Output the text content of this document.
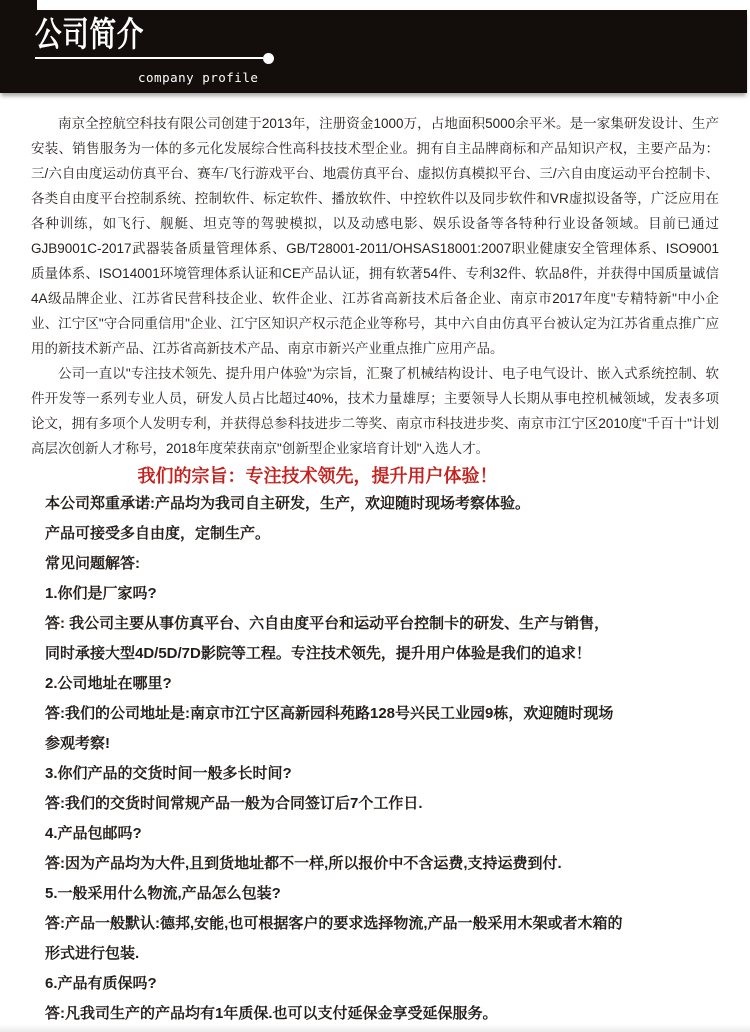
公司简介
company profile

南京全控航空科技有限公司创建于2013年，注册资金1000万，占地面积5000余平米。是一家集研发设计、生产安装、销售服务为一体的多元化发展综合性高科技技术型企业。拥有自主品牌商标和产品知识产权，主要产品为：三/六自由度运动仿真平台、赛车/飞行游戏平台、地震仿真平台、虚拟仿真模拟平台、三/六自由度运动平台控制卡、各类自由度平台控制系统、控制软件、标定软件、播放软件、中控软件以及同步软件和VR虚拟设备等，广泛应用在各种训练，如飞行、舰艇、坦克等的驾驶模拟，以及动感电影、娱乐设备等各特种行业设备领域。目前已通过GJB9001C-2017武器装备质量管理体系、GB/T28001-2011/OHSAS18001:2007职业健康安全管理体系、ISO9001质量体系、ISO14001环境管理体系认证和CE产品认证，拥有软著54件、专利32件、软品8件，并获得中国质量诚信4A级品牌企业、江苏省民营科技企业、软件企业、江苏省高新技术后备企业、南京市2017年度"专精特新"中小企业、江宁区"守合同重信用"企业、江宁区知识产权示范企业等称号，其中六自由仿真平台被认定为江苏省重点推广应用的新技术新产品、江苏省高新技术产品、南京市新兴产业重点推广应用产品。

公司一直以"专注技术领先、提升用户体验"为宗旨，汇聚了机械结构设计、电子电气设计、嵌入式系统控制、软件开发等一系列专业人员，研发人员占比超过40%，技术力量雄厚；主要领导人长期从事电控机械领域，发表多项论文，拥有多项个人发明专利，并获得总参科技进步二等奖、南京市科技进步奖、南京市江宁区2010度"千百十"计划高层次创新人才称号，2018年度荣获南京"创新型企业家培育计划"入选人才。

我们的宗旨：专注技术领先，提升用户体验！

本公司郑重承诺:产品均为我司自主研发，生产，欢迎随时现场考察体验。

产品可接受多自由度，定制生产。

常见问题解答:

1.你们是厂家吗?
答: 我公司主要从事仿真平台、六自由度平台和运动平台控制卡的研发、生产与销售，
同时承接大型4D/5D/7D影院等工程。专注技术领先，提升用户体验是我们的追求！
2.公司地址在哪里?
答:我们的公司地址是:南京市江宁区高新园科苑路128号兴民工业园9栋，欢迎随时现场
参观考察!
3.你们产品的交货时间一般多长时间?
答:我们的交货时间常规产品一般为合同签订后7个工作日.
4.产品包邮吗?
答:因为产品均为大件,且到货地址都不一样,所以报价中不含运费,支持运费到付.
5.一般采用什么物流,产品怎么包装?
答:产品一般默认:德邦,安能,也可根据客户的要求选择物流,产品一般采用木架或者木箱的
形式进行包装.
6.产品有质保吗?
答:凡我司生产的产品均有1年质保.也可以支付延保金享受延保服务。
